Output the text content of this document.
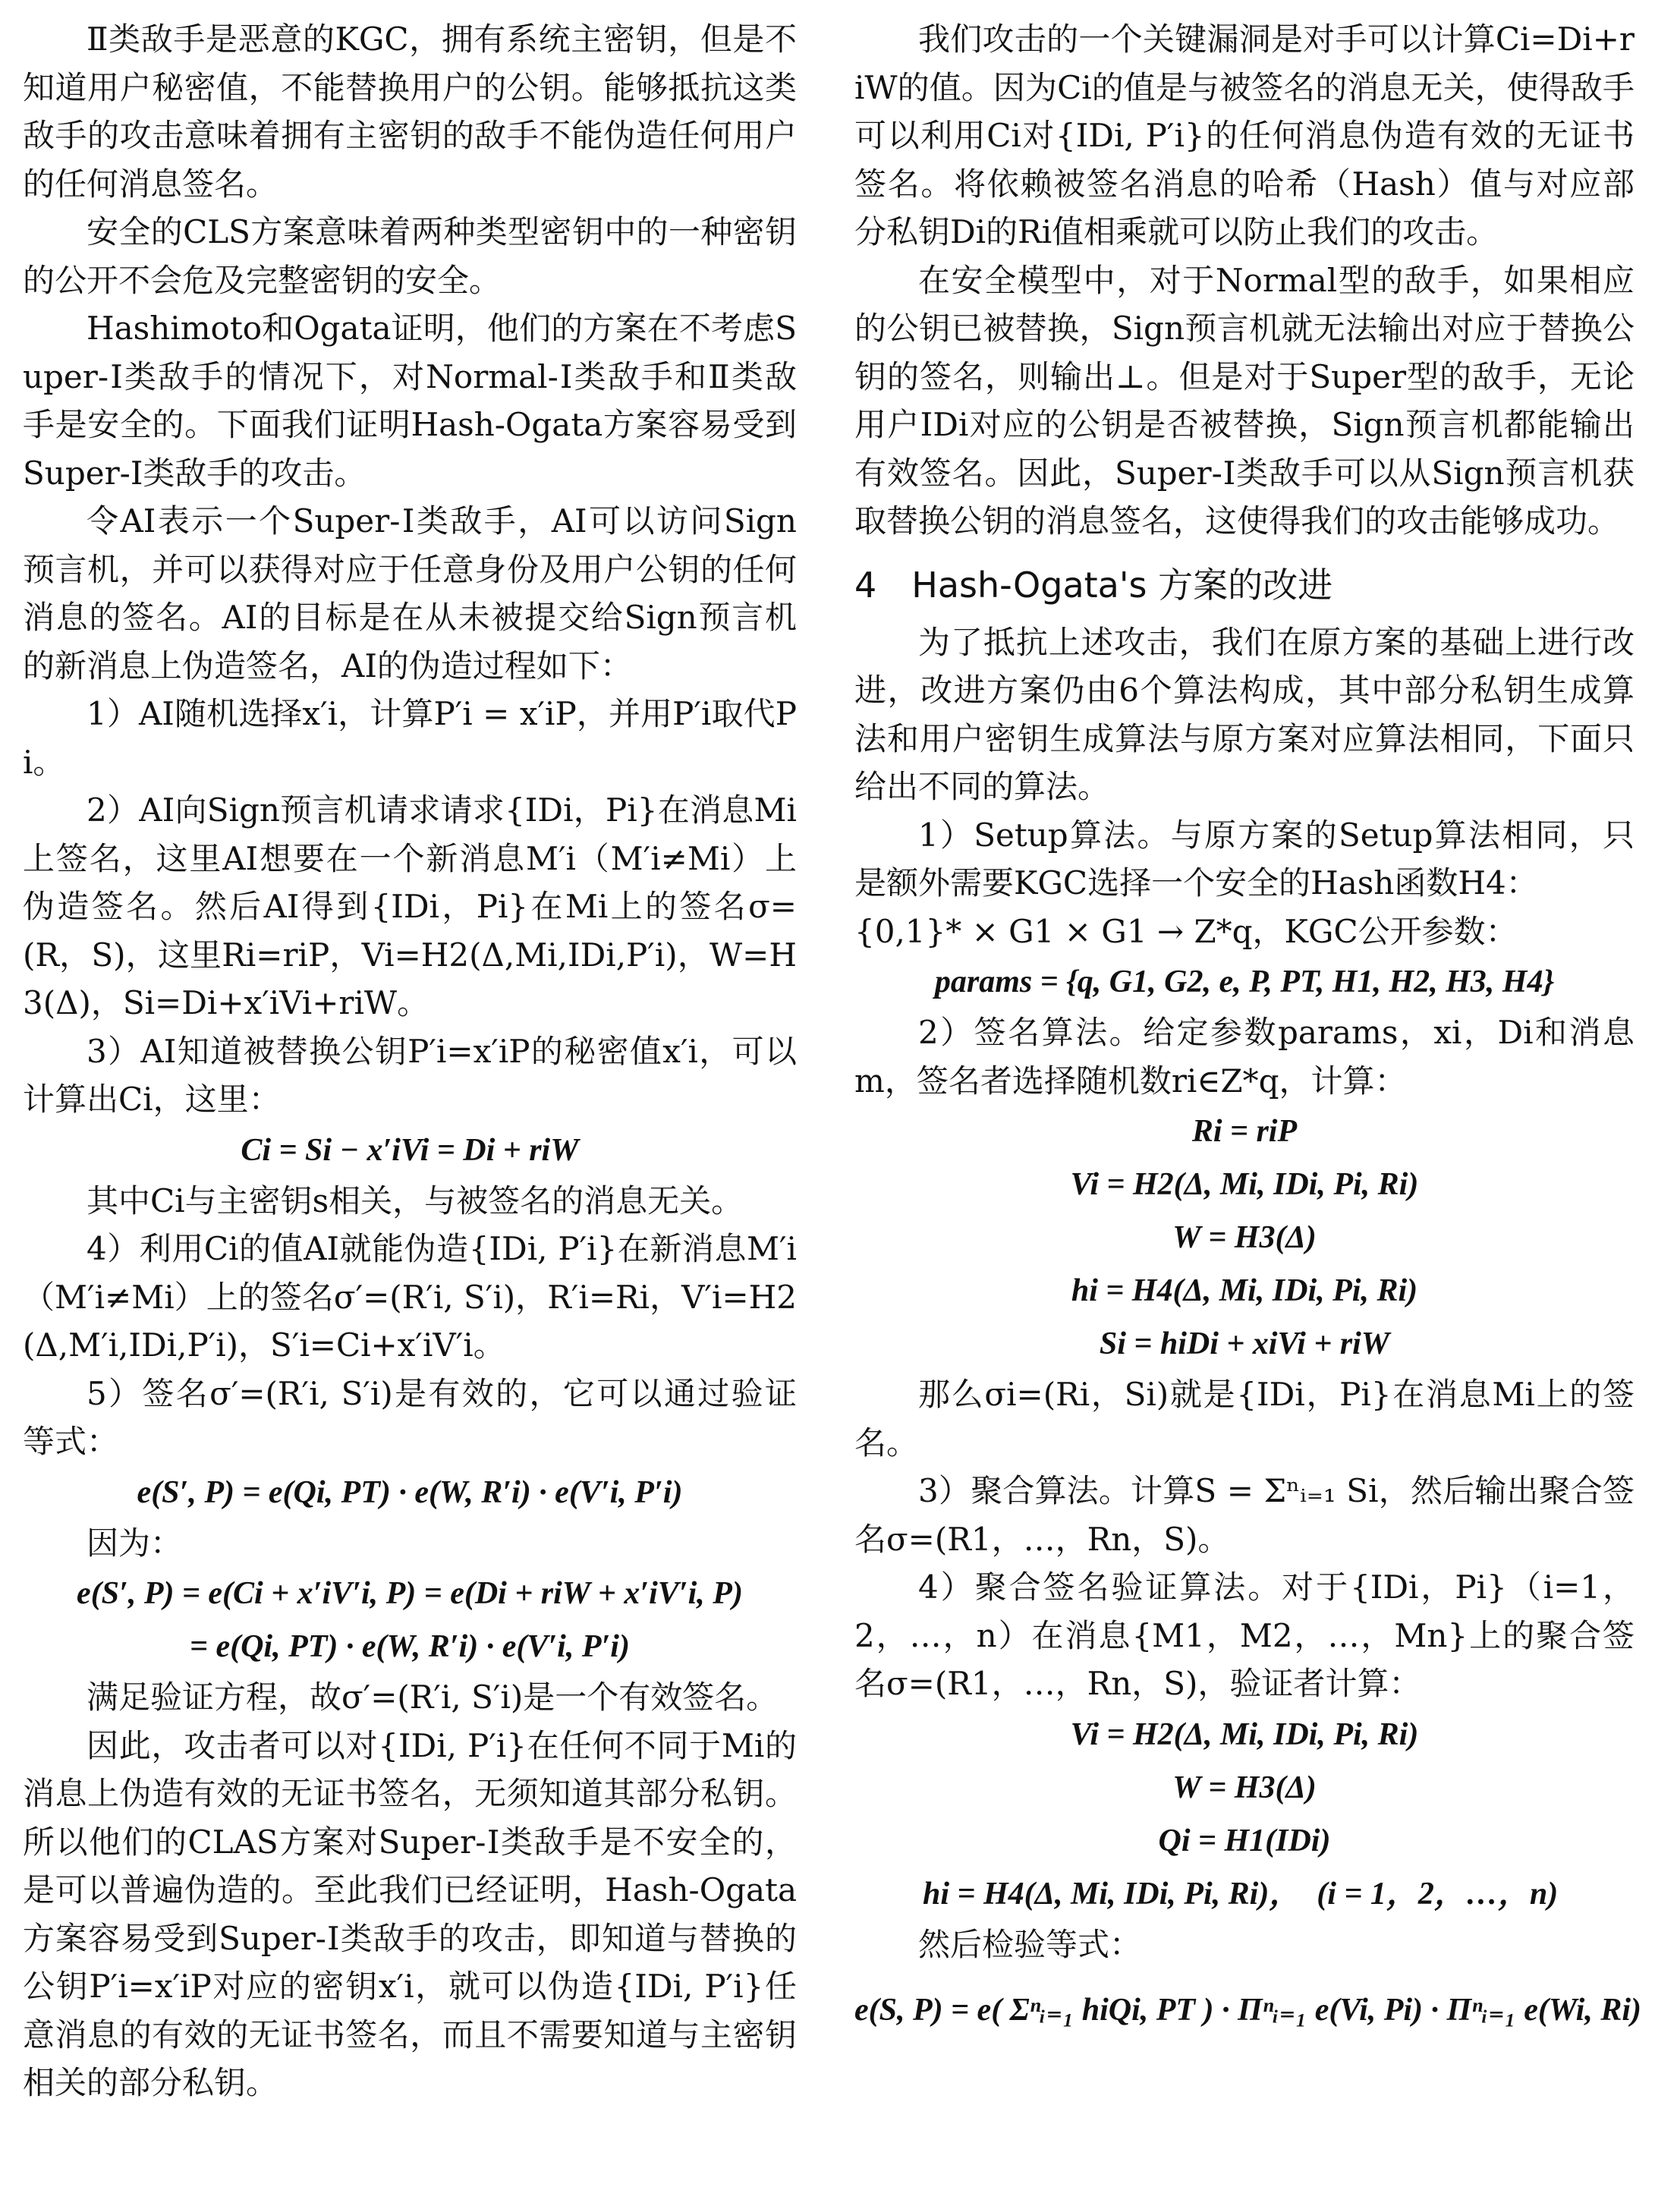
Ⅱ类敌手是恶意的KGC，拥有系统主密钥，但是不知道用户秘密值，不能替换用户的公钥。能够抵抗这类敌手的攻击意味着拥有主密钥的敌手不能伪造任何用户的任何消息签名。

安全的CLS方案意味着两种类型密钥中的一种密钥的公开不会危及完整密钥的安全。

Hashimoto和Ogata证明，他们的方案在不考虑Super-Ⅰ类敌手的情况下，对Normal-Ⅰ类敌手和Ⅱ类敌手是安全的。下面我们证明Hash-Ogata方案容易受到Super-Ⅰ类敌手的攻击。

令AI表示一个Super-Ⅰ类敌手，AI可以访问Sign预言机，并可以获得对应于任意身份及用户公钥的任何消息的签名。AI的目标是在从未被提交给Sign预言机的新消息上伪造签名，AI的伪造过程如下：

1）AI随机选择x′i，计算P′i = x′iP，并用P′i取代Pi。

2）AI向Sign预言机请求请求{IDi，Pi}在消息Mi上签名，这里AI想要在一个新消息M′i（M′i≠Mi）上伪造签名。然后AI得到{IDi，Pi}在Mi上的签名σ=(R，S)，这里Ri=riP，Vi=H2(Δ,Mi,IDi,P′i)，W=H3(Δ)，Si=Di+x′iVi+riW。

3）AI知道被替换公钥P′i=x′iP的秘密值x′i，可以计算出Ci，这里：

Ci = Si − x′iVi = Di + riW

其中Ci与主密钥s相关，与被签名的消息无关。

4）利用Ci的值AI就能伪造{IDi, P′i}在新消息M′i（M′i≠Mi）上的签名σ′=(R′i, S′i)，R′i=Ri，V′i=H2(Δ,M′i,IDi,P′i)，S′i=Ci+x′iV′i。

5）签名σ′=(R′i, S′i)是有效的，它可以通过验证等式：

e(S′, P) = e(Qi, PT) · e(W, R′i) · e(V′i, P′i)

因为：

e(S′, P) = e(Ci + x′iV′i, P) = e(Di + riW + x′iV′i, P)
= e(Qi, PT) · e(W, R′i) · e(V′i, P′i)

满足验证方程，故σ′=(R′i, S′i)是一个有效签名。

因此，攻击者可以对{IDi, P′i}在任何不同于Mi的消息上伪造有效的无证书签名，无须知道其部分私钥。所以他们的CLAS方案对Super-Ⅰ类敌手是不安全的，是可以普遍伪造的。至此我们已经证明，Hash-Ogata方案容易受到Super-Ⅰ类敌手的攻击，即知道与替换的公钥P′i=x′iP对应的密钥x′i，就可以伪造{IDi, P′i}任意消息的有效的无证书签名，而且不需要知道与主密钥相关的部分私钥。

我们攻击的一个关键漏洞是对手可以计算Ci=Di+riW的值。因为Ci的值是与被签名的消息无关，使得敌手可以利用Ci对{IDi, P′i}的任何消息伪造有效的无证书签名。将依赖被签名消息的哈希（Hash）值与对应部分私钥Di的Ri值相乘就可以防止我们的攻击。

在安全模型中，对于Normal型的敌手，如果相应的公钥已被替换，Sign预言机就无法输出对应于替换公钥的签名，则输出⊥。但是对于Super型的敌手，无论用户IDi对应的公钥是否被替换，Sign预言机都能输出有效签名。因此，Super-Ⅰ类敌手可以从Sign预言机获取替换公钥的消息签名，这使得我们的攻击能够成功。

4　Hash-Ogata's 方案的改进

为了抵抗上述攻击，我们在原方案的基础上进行改进，改进方案仍由6个算法构成，其中部分私钥生成算法和用户密钥生成算法与原方案对应算法相同，下面只给出不同的算法。

1）Setup算法。与原方案的Setup算法相同，只是额外需要KGC选择一个安全的Hash函数H4：

{0,1}* × G1 × G1 → Z*q，KGC公开参数：

params = {q, G1, G2, e, P, PT, H1, H2, H3, H4}

2）签名算法。给定参数params，xi，Di和消息m，签名者选择随机数ri∈Z*q，计算：

Ri = riP
Vi = H2(Δ, Mi, IDi, Pi, Ri)
W = H3(Δ)
hi = H4(Δ, Mi, IDi, Pi, Ri)
Si = hiDi + xiVi + riW

那么σi=(Ri，Si)就是{IDi，Pi}在消息Mi上的签名。

3）聚合算法。计算S = Σⁿᵢ₌₁ Si，然后输出聚合签名σ=(R1，…，Rn，S)。

4）聚合签名验证算法。对于{IDi，Pi}（i=1，2，…，n）在消息{M1，M2，…，Mn}上的聚合签名σ=(R1，…，Rn，S)，验证者计算：

Vi = H2(Δ, Mi, IDi, Pi, Ri)
W = H3(Δ)
Qi = H1(IDi)
hi = H4(Δ, Mi, IDi, Pi, Ri)，　(i = 1，2，…，n)

然后检验等式：

e(S, P) = e( Σⁿᵢ₌₁ hiQi, PT ) · Πⁿᵢ₌₁ e(Vi, Pi) · Πⁿᵢ₌₁ e(Wi, Ri)
